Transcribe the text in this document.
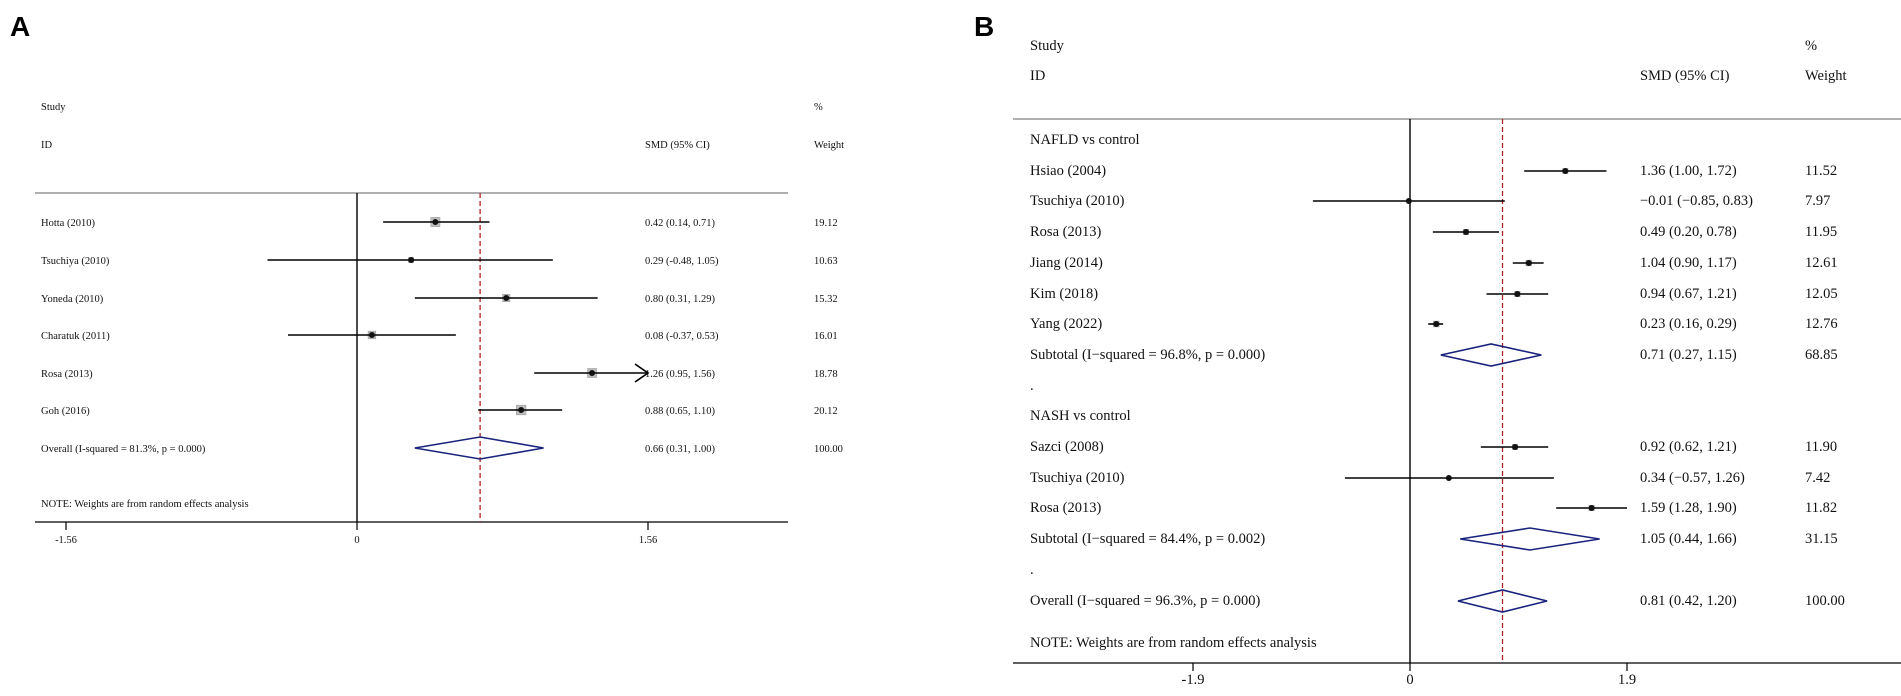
A	B
Study
ID	SMD (95% CI)
%
Weight
-1.56	0	1.56
Hotta (2010)	0.42 (0.14, 0.71)	19.12
Tsuchiya (2010)	0.29 (-0.48, 1.05)	10.63
Yoneda (2010)	0.80 (0.31, 1.29)	15.32
Charatuk (2011)	0.08 (-0.37, 0.53)	16.01
Rosa (2013)	1.26 (0.95, 1.56)	18.78
Goh (2016)	0.88 (0.65, 1.10)	20.12
Overall (I-squared = 81.3%, p = 0.000)	0.66 (0.31, 1.00)	100.00
NOTE: Weights are from random effects analysis
Study
ID	SMD (95% CI)
%
Weight
-1.9	0	1.9
NAFLD vs control
Hsiao (2004)	1.36 (1.00, 1.72)	11.52
Tsuchiya (2010)	−0.01 (−0.85, 0.83)	7.97
Rosa (2013)	0.49 (0.20, 0.78)	11.95
Jiang (2014)	1.04 (0.90, 1.17)	12.61
Kim (2018)	0.94 (0.67, 1.21)	12.05
Yang (2022)	0.23 (0.16, 0.29)	12.76
Subtotal (I−squared = 96.8%, p = 0.000)	0.71 (0.27, 1.15)	68.85
.
NASH vs control
Sazci (2008)	0.92 (0.62, 1.21)	11.90
Tsuchiya (2010)	0.34 (−0.57, 1.26)	7.42
Rosa (2013)	1.59 (1.28, 1.90)	11.82
Subtotal (I−squared = 84.4%, p = 0.002)	1.05 (0.44, 1.66)	31.15
.
Overall (I−squared = 96.3%, p = 0.000)	0.81 (0.42, 1.20)	100.00
NOTE: Weights are from random effects analysis
